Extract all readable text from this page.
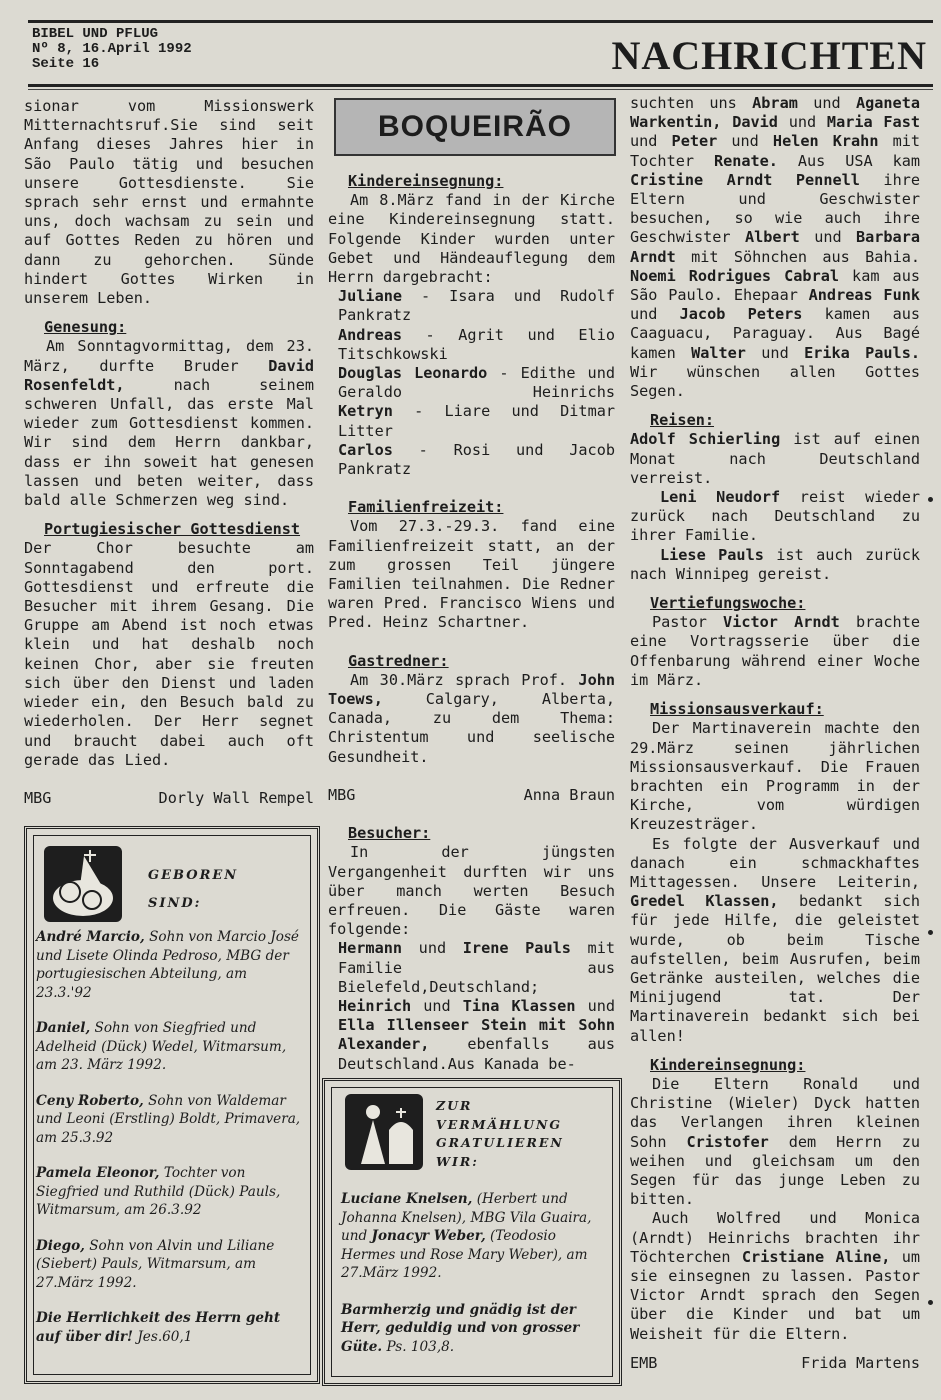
BIBEL UND PFLUG
Nº 8, 16.April 1992
Seite 16	NACHRICHTEN

sionar vom Missionswerk Mitternachtsruf.Sie sind seit Anfang dieses Jahres hier in São Paulo tätig und besuchen unsere Gottesdienste. Sie sprach sehr ernst und ermahnte uns, doch wachsam zu sein und auf Gottes Reden zu hören und dann zu gehorchen. Sünde hindert Gottes Wirken in unserem Leben.

Genesung:

Am Sonntagvormittag, dem 23. März, durfte Bruder David Rosenfeldt, nach seinem schweren Unfall, das erste Mal wieder zum Gottesdienst kommen. Wir sind dem Herrn dankbar, dass er ihn soweit hat genesen lassen und beten weiter, dass bald alle Schmerzen weg sind.

Portugiesischer Gottesdienst

Der Chor besuchte am Sonntagabend den port. Gottesdienst und erfreute die Besucher mit ihrem Gesang. Die Gruppe am Abend ist noch etwas klein und hat deshalb noch keinen Chor, aber sie freuten sich über den Dienst und laden wieder ein, den Besuch bald zu wiederholen. Der Herr segnet und braucht dabei auch oft gerade das Lied.

MBG	Dorly Wall Rempel
GEBOREN
SIND:
André Marcio, Sohn von Marcio José und Lisete Olinda Pedroso, MBG der portugiesischen Abteilung, am 23.3.'92
Daniel, Sohn von Siegfried und Adelheid (Dück) Wedel, Witmarsum, am 23. März 1992.
Ceny Roberto, Sohn von Waldemar und Leoni (Erstling) Boldt, Primavera, am 25.3.92
Pamela Eleonor, Tochter von Siegfried und Ruthild (Dück) Pauls, Witmarsum, am 26.3.92
Diego, Sohn von Alvin und Liliane (Siebert) Pauls, Witmarsum, am 27.März 1992.
Die Herrlichkeit des Herrn geht auf über dir! Jes.60,1
BOQUEIRÃO

Kindereinsegnung:

Am 8.März fand in der Kirche eine Kindereinsegnung statt. Folgende Kinder wurden unter Gebet und Händeauflegung dem Herrn dargebracht:

Juliane - Isara und Rudolf Pankratz

Andreas - Agrit und Elio Titschkowski

Douglas Leonardo - Edithe und Geraldo Heinrichs

Ketryn - Liare und Ditmar Litter

Carlos - Rosi und Jacob Pankratz

Familienfreizeit:

Vom 27.3.-29.3. fand eine Familienfreizeit statt, an der zum grossen Teil jüngere Familien teilnahmen. Die Redner waren Pred. Francisco Wiens und Pred. Heinz Schartner.

Gastredner:

Am 30.März sprach Prof. John Toews, Calgary, Alberta, Canada, zu dem Thema: Christentum und seelische Gesundheit.

MBG	Anna Braun

Besucher:

In der jüngsten Vergangenheit durften wir uns über manch werten Besuch erfreuen. Die Gäste waren folgende:

Hermann und Irene Pauls mit Familie aus Bielefeld,Deutschland; Heinrich und Tina Klassen und Ella Illenseer Stein mit Sohn Alexander, ebenfalls aus Deutschland.Aus Kanada be-

ZUR
VERMÄHLUNG
GRATULIEREN
WIR:
Luciane Knelsen, (Herbert und Johanna Knelsen), MBG Vila Guaira, und Jonacyr Weber, (Teodosio Hermes und Rose Mary Weber), am 27.März 1992.
Barmherzig und gnädig ist der Herr, geduldig und von grosser Güte. Ps. 103,8.

suchten uns Abram und Aganeta Warkentin, David und Maria Fast und Peter und Helen Krahn mit Tochter Renate. Aus USA kam Cristine Arndt Pennell ihre Eltern und Geschwister besuchen, so wie auch ihre Geschwister Albert und Barbara Arndt mit Söhnchen aus Bahia. Noemi Rodrigues Cabral kam aus São Paulo. Ehepaar Andreas Funk und Jacob Peters kamen aus Caaguacu, Paraguay. Aus Bagé kamen Walter und Erika Pauls. Wir wünschen allen Gottes Segen.

Reisen:

Adolf Schierling ist auf einen Monat nach Deutschland verreist.

Leni Neudorf reist wieder zurück nach Deutschland zu ihrer Familie.

Liese Pauls ist auch zurück nach Winnipeg gereist.

Vertiefungswoche:

Pastor Victor Arndt brachte eine Vortragsserie über die Offenbarung während einer Woche im März.

Missionsausverkauf:

Der Martinaverein machte den 29.März seinen jährlichen Missionsausverkauf. Die Frauen brachten ein Programm in der Kirche, vom würdigen Kreuzesträger.

Es folgte der Ausverkauf und danach ein schmackhaftes Mittagessen. Unsere Leiterin, Gredel Klassen, bedankt sich für jede Hilfe, die geleistet wurde, ob beim Tische aufstellen, beim Ausrufen, beim Getränke austeilen, welches die Minijugend tat. Der Martinaverein bedankt sich bei allen!

Kindereinsegnung:

Die Eltern Ronald und Christine (Wieler) Dyck hatten das Verlangen ihren kleinen Sohn Cristofer dem Herrn zu weihen und gleichsam um den Segen für das junge Leben zu bitten.

Auch Wolfred und Monica (Arndt) Heinrichs brachten ihr Töchterchen Cristiane Aline, um sie einsegnen zu lassen. Pastor Victor Arndt sprach den Segen über die Kinder und bat um Weisheit für die Eltern.

EMB	Frida Martens
